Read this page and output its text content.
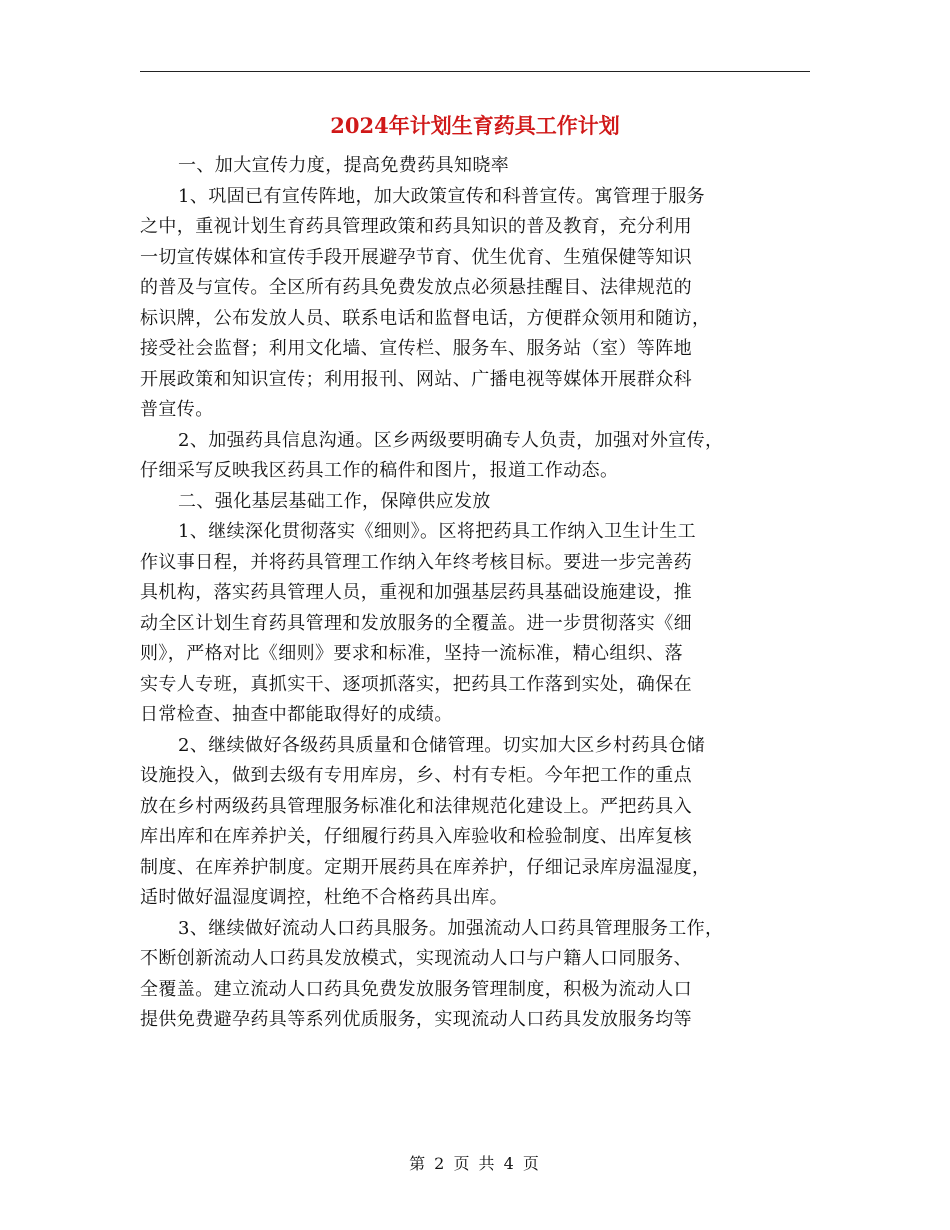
2024年计划生育药具工作计划
一、加大宣传力度，提高免费药具知晓率
1、巩固已有宣传阵地，加大政策宣传和科普宣传。寓管理于服务
之中，重视计划生育药具管理政策和药具知识的普及教育，充分利用
一切宣传媒体和宣传手段开展避孕节育、优生优育、生殖保健等知识
的普及与宣传。全区所有药具免费发放点必须悬挂醒目、法律规范的
标识牌，公布发放人员、联系电话和监督电话，方便群众领用和随访，
接受社会监督；利用文化墙、宣传栏、服务车、服务站（室）等阵地
开展政策和知识宣传；利用报刊、网站、广播电视等媒体开展群众科
普宣传。
2、加强药具信息沟通。区乡两级要明确专人负责，加强对外宣传，
仔细采写反映我区药具工作的稿件和图片，报道工作动态。
二、强化基层基础工作，保障供应发放
1、继续深化贯彻落实《细则》。区将把药具工作纳入卫生计生工
作议事日程，并将药具管理工作纳入年终考核目标。要进一步完善药
具机构，落实药具管理人员，重视和加强基层药具基础设施建设，推
动全区计划生育药具管理和发放服务的全覆盖。进一步贯彻落实《细
则》，严格对比《细则》要求和标准，坚持一流标准，精心组织、落
实专人专班，真抓实干、逐项抓落实，把药具工作落到实处，确保在
日常检查、抽查中都能取得好的成绩。
2、继续做好各级药具质量和仓储管理。切实加大区乡村药具仓储
设施投入，做到去级有专用库房，乡、村有专柜。今年把工作的重点
放在乡村两级药具管理服务标准化和法律规范化建设上。严把药具入
库出库和在库养护关，仔细履行药具入库验收和检验制度、出库复核
制度、在库养护制度。定期开展药具在库养护，仔细记录库房温湿度，
适时做好温湿度调控，杜绝不合格药具出库。
3、继续做好流动人口药具服务。加强流动人口药具管理服务工作，
不断创新流动人口药具发放模式，实现流动人口与户籍人口同服务、
全覆盖。建立流动人口药具免费发放服务管理制度，积极为流动人口
提供免费避孕药具等系列优质服务，实现流动人口药具发放服务均等
第 2 页 共 4 页
